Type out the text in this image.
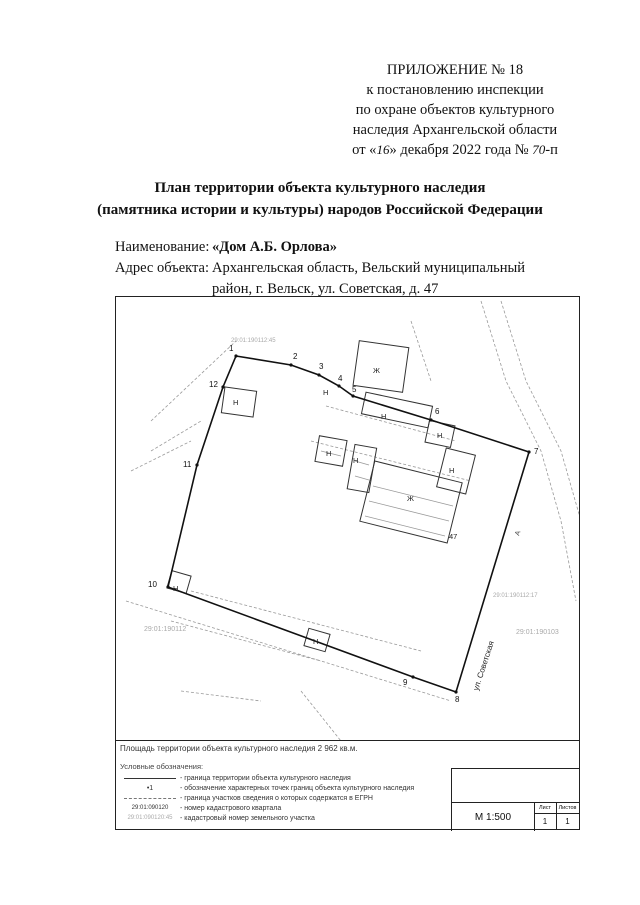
ПРИЛОЖЕНИЕ № 18
к постановлению инспекции
по охране объектов культурного
наследия Архангельской области
от «16» декабря 2022 года № 70-п
План территории объекта культурного наследия
(памятника истории и культуры) народов Российской Федерации
Наименование: «Дом А.Б. Орлова»
Адрес объекта: Архангельская область, Вельский муниципальный район, г. Вельск, ул. Советская, д. 47
1
2
3
4
5
6
7
8
9
10
11
12
Ж
Н
Н
Н
Н
Н
Ж
Н
Н
Н
Н
47
ул. Советская
А
29:01:190112	29:01:190103
29:01:190112:45
29:01:190112:17
Площадь территории объекта культурного наследия 2 962 кв.м.
Условные обозначения:
- граница территории объекта культурного наследия
•1	- обозначение характерных точек границ объекта культурного наследия
- граница участков сведения о которых содержатся в ЕГРН
29:01:090120	- номер кадастрового квартала
29:01:090120:45	- кадастровый номер земельного участка	М 1:500
Лист	Листов
1	1
